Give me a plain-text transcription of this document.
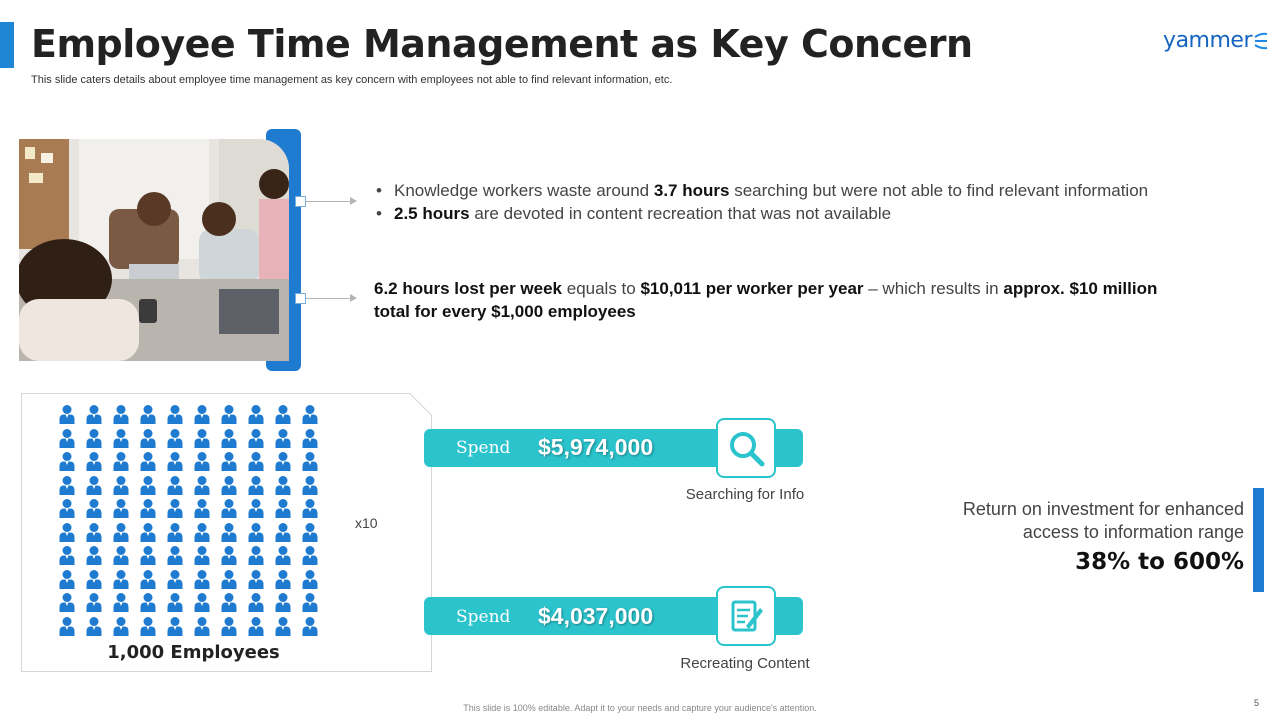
Employee Time Management as Key Concern

This slide caters details about employee time management as key concern with employees not able to find relevant information, etc.

yammer
• Knowledge workers waste around 3.7 hours searching but were not able to find relevant information
• 2.5 hours are devoted in content recreation that was not available

6.2 hours lost per week equals to $10,011 per worker per year – which results in approx. $10 million
total for every $1,000 employees

x10
1,000 Employees
Spend $5,974,000
Searching for Info
Spend $4,037,000
Recreating Content
Return on investment for enhanced
access to information range
38% to 600%
This slide is 100% editable. Adapt it to your needs and capture your audience's attention.	5
